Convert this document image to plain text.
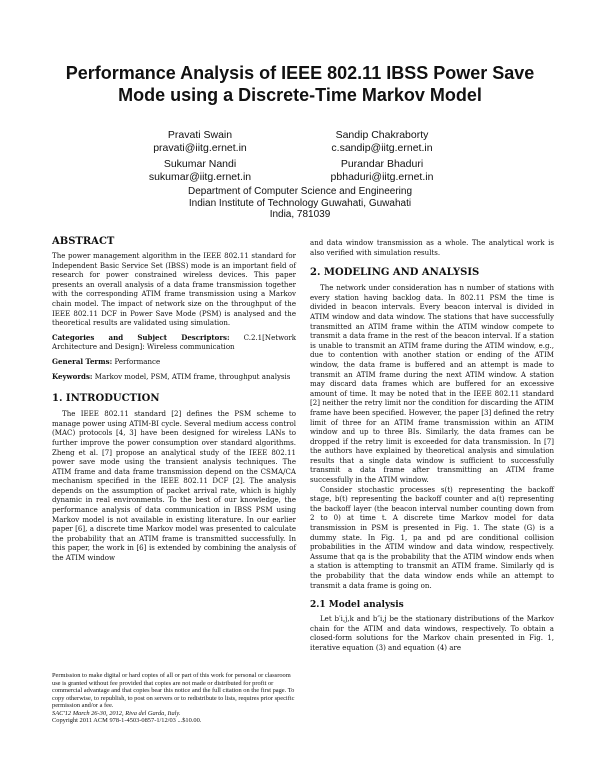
Performance Analysis of IEEE 802.11 IBSS Power Save
Mode using a Discrete-Time Markov Model
Pravati Swain
pravati@iitg.ernet.in
Sandip Chakraborty
c.sandip@iitg.ernet.in
Sukumar Nandi
sukumar@iitg.ernet.in
Purandar Bhaduri
pbhaduri@iitg.ernet.in
Department of Computer Science and Engineering
Indian Institute of Technology Guwahati, Guwahati
India, 781039
ABSTRACT

The power management algorithm in the IEEE 802.11 standard for Independent Basic Service Set (IBSS) mode is an important field of research for power constrained wireless devices. This paper presents an overall analysis of a data frame transmission together with the corresponding ATIM frame transmission using a Markov chain model. The impact of network size on the throughput of the IEEE 802.11 DCF in Power Save Mode (PSM) is analysed and the theoretical results are validated using simulation.

Categories and Subject Descriptors: C.2.1[Network Architecture and Design]: Wireless communication

General Terms: Performance

Keywords: Markov model, PSM, ATIM frame, throughput analysis

1. INTRODUCTION

The IEEE 802.11 standard [2] defines the PSM scheme to manage power using ATIM-BI cycle. Several medium access control (MAC) protocols [4, 3] have been designed for wireless LANs to further improve the power consumption over standard algorithms. Zheng et al. [7] propose an analytical study of the IEEE 802.11 power save mode using the transient analysis techniques. The ATIM frame and data frame transmission depend on the CSMA/CA mechanism specified in the IEEE 802.11 DCF [2]. The analysis depends on the assumption of packet arrival rate, which is highly dynamic in real environments. To the best of our knowledge, the performance analysis of data communication in IBSS PSM using Markov model is not available in existing literature. In our earlier paper [6], a discrete time Markov model was presented to calculate the probability that an ATIM frame is transmitted successfully. In this paper, the work in [6] is extended by combining the analysis of the ATIM window

Permission to make digital or hard copies of all or part of this work for personal or classroom use is granted without fee provided that copies are not made or distributed for profit or commercial advantage and that copies bear this notice and the full citation on the first page. To copy otherwise, to republish, to post on servers or to redistribute to lists, requires prior specific permission and/or a fee.

SAC'12 March 26-30, 2012, Riva del Garda, Italy.

Copyright 2011 ACM 978-1-4503-0857-1/12/03 ...$10.00.

and data window transmission as a whole. The analytical work is also verified with simulation results.

2. MODELING AND ANALYSIS

The network under consideration has n number of stations with every station having backlog data. In 802.11 PSM the time is divided in beacon intervals. Every beacon interval is divided in ATIM window and data window. The stations that have successfully transmitted an ATIM frame within the ATIM window compete to transmit a data frame in the rest of the beacon interval. If a station is unable to transmit an ATIM frame during the ATIM window, e.g., due to contention with another station or ending of the ATIM window, the data frame is buffered and an attempt is made to transmit an ATIM frame during the next ATIM window. A station may discard data frames which are buffered for an excessive amount of time. It may be noted that in the IEEE 802.11 standard [2] neither the retry limit nor the condition for discarding the ATIM frame have been specified. However, the paper [3] defined the retry limit of three for an ATIM frame transmission within an ATIM window and up to three BIs. Similarly, the data frames can be dropped if the retry limit is exceeded for data transmission. In [7] the authors have explained by theoretical analysis and simulation results that a single data window is sufficient to successfully transmit a data frame after transmitting an ATIM frame successfully in the ATIM window.

Consider stochastic processes s(t) representing the backoff stage, b(t) representing the backoff counter and a(t) representing the backoff layer (the beacon interval number counting down from 2 to 0) at time t. A discrete time Markov model for data transmission in PSM is presented in Fig. 1. The state (G) is a dummy state. In Fig. 1, pa and pd are conditional collision probabilities in the ATIM window and data window, respectively. Assume that qa is the probability that the ATIM window ends when a station is attempting to transmit an ATIM frame. Similarly qd is the probability that the data window ends while an attempt to transmit a data frame is going on.

2.1 Model analysis

Let b′i,j,k and b″i,j be the stationary distributions of the Markov chain for the ATIM and data windows, respectively. To obtain a closed-form solutions for the Markov chain presented in Fig. 1, iterative equation (3) and equation (4) are
